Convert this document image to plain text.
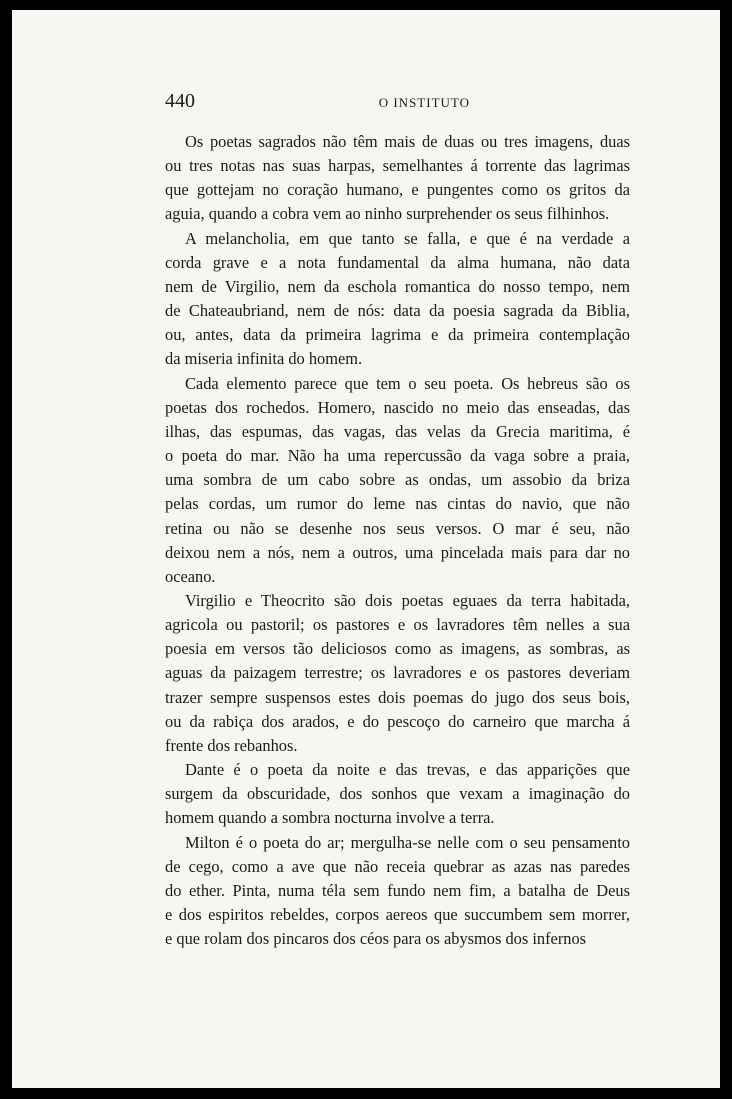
440	O INSTITUTO

Os poetas sagrados não têm mais de duas ou tres imagens, duas
ou tres notas nas suas harpas, semelhantes á torrente das lagrimas
que gottejam no coração humano, e pungentes como os gritos da
aguia, quando a cobra vem ao ninho surprehender os seus filhinhos.

A melancholia, em que tanto se falla, e que é na verdade a
corda grave e a nota fundamental da alma humana, não data
nem de Virgilio, nem da eschola romantica do nosso tempo, nem
de Chateaubriand, nem de nós: data da poesia sagrada da Biblia,
ou, antes, data da primeira lagrima e da primeira contemplação
da miseria infinita do homem.

Cada elemento parece que tem o seu poeta. Os hebreus são os
poetas dos rochedos. Homero, nascido no meio das enseadas, das
ilhas, das espumas, das vagas, das velas da Grecia maritima, é
o poeta do mar. Não ha uma repercussão da vaga sobre a praia,
uma sombra de um cabo sobre as ondas, um assobio da briza
pelas cordas, um rumor do leme nas cintas do navio, que não
retina ou não se desenhe nos seus versos. O mar é seu, não
deixou nem a nós, nem a outros, uma pincelada mais para dar no
oceano.

Virgilio e Theocrito são dois poetas eguaes da terra habitada,
agricola ou pastoril; os pastores e os lavradores têm nelles a sua
poesia em versos tão deliciosos como as imagens, as sombras, as
aguas da paizagem terrestre; os lavradores e os pastores deveriam
trazer sempre suspensos estes dois poemas do jugo dos seus bois,
ou da rabiça dos arados, e do pescoço do carneiro que marcha á
frente dos rebanhos.

Dante é o poeta da noite e das trevas, e das apparições que
surgem da obscuridade, dos sonhos que vexam a imaginação do
homem quando a sombra nocturna involve a terra.

Milton é o poeta do ar; mergulha-se nelle com o seu pensamento
de cego, como a ave que não receia quebrar as azas nas paredes
do ether. Pinta, numa téla sem fundo nem fim, a batalha de Deus
e dos espiritos rebeldes, corpos aereos que succumbem sem morrer,
e que rolam dos pincaros dos céos para os abysmos dos infernos
